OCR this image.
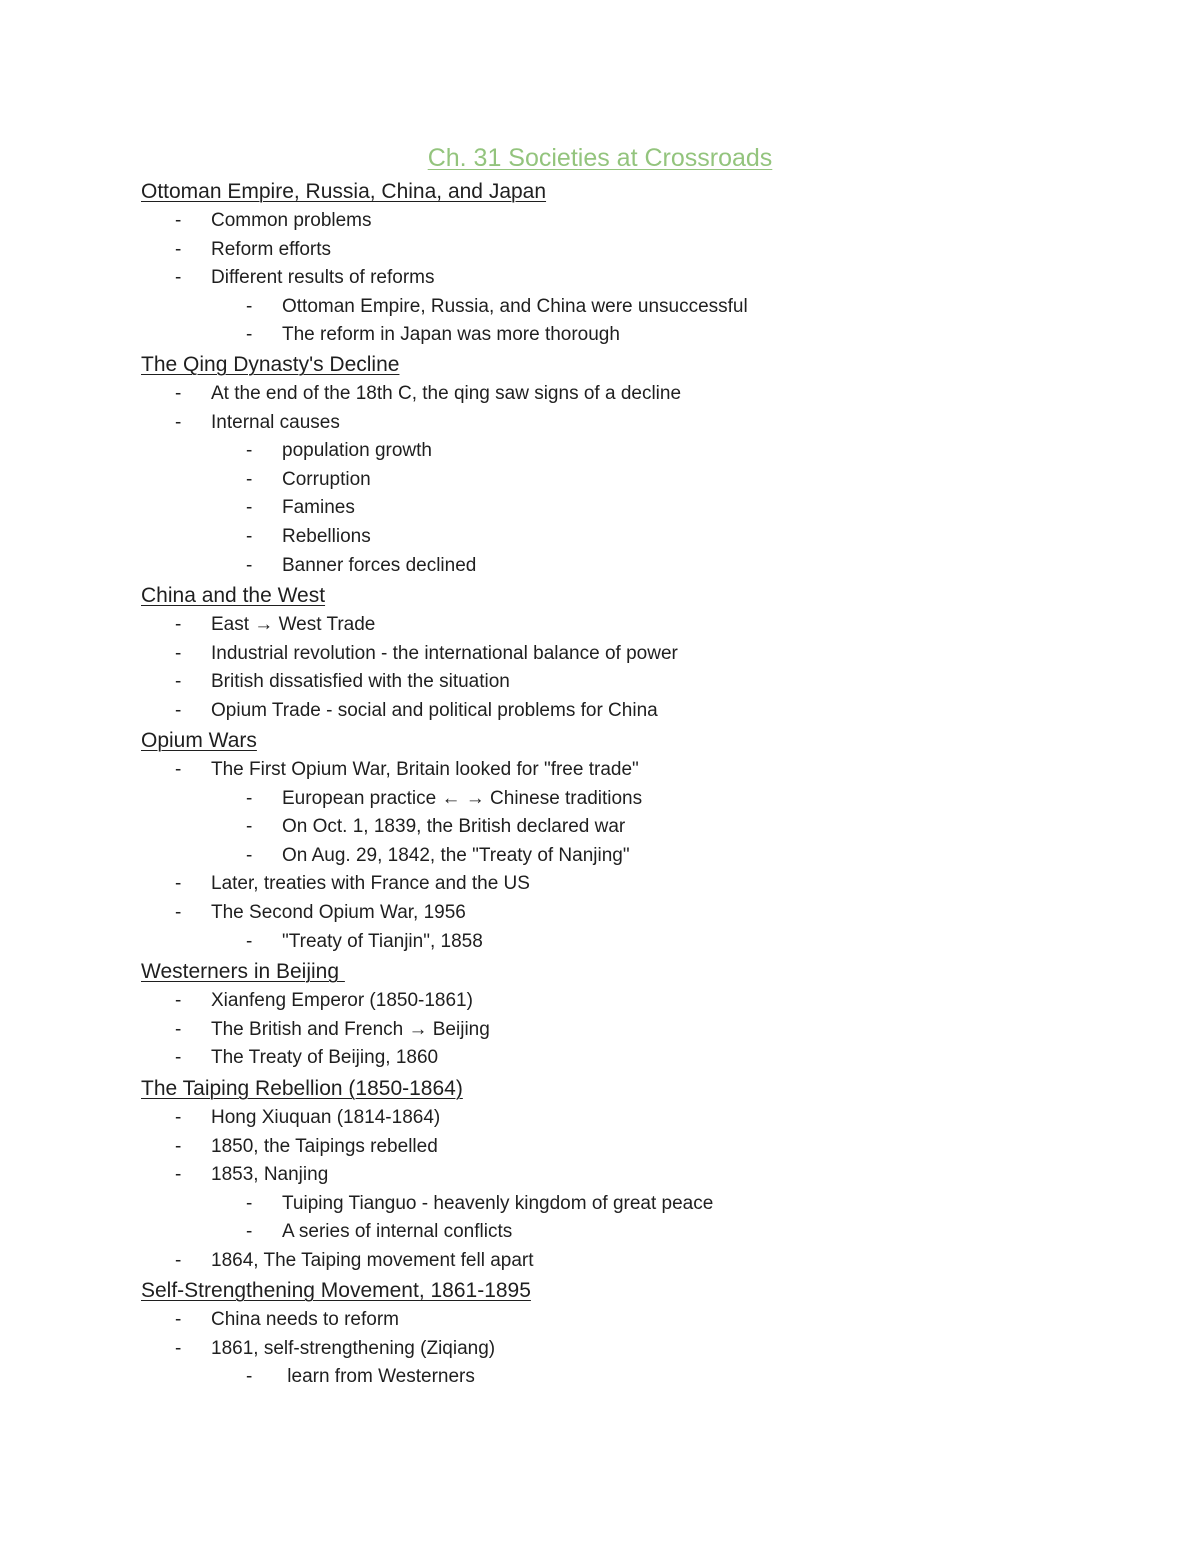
Ch. 31 Societies at Crossroads
Ottoman Empire, Russia, China, and Japan
- Common problems
- Reform efforts
- Different results of reforms
- Ottoman Empire, Russia, and China were unsuccessful
- The reform in Japan was more thorough
The Qing Dynasty's Decline
- At the end of the 18th C, the qing saw signs of a decline
- Internal causes
- population growth
- Corruption
- Famines
- Rebellions
- Banner forces declined
China and the West
- East → West Trade
- Industrial revolution - the international balance of power
- British dissatisfied with the situation
- Opium Trade - social and political problems for China
Opium Wars
- The First Opium War, Britain looked for "free trade"
- European practice ← → Chinese traditions
- On Oct. 1, 1839, the British declared war
- On Aug. 29, 1842, the "Treaty of Nanjing"
- Later, treaties with France and the US
- The Second Opium War, 1956
- "Treaty of Tianjin", 1858
Westerners in Beijing
- Xianfeng Emperor (1850-1861)
- The British and French → Beijing
- The Treaty of Beijing, 1860
The Taiping Rebellion (1850-1864)
- Hong Xiuquan (1814-1864)
- 1850, the Taipings rebelled
- 1853, Nanjing
- Tuiping Tianguo - heavenly kingdom of great peace
- A series of internal conflicts
- 1864, The Taiping movement fell apart
Self-Strengthening Movement, 1861-1895
- China needs to reform
- 1861, self-strengthening (Ziqiang)
- learn from Westerners
